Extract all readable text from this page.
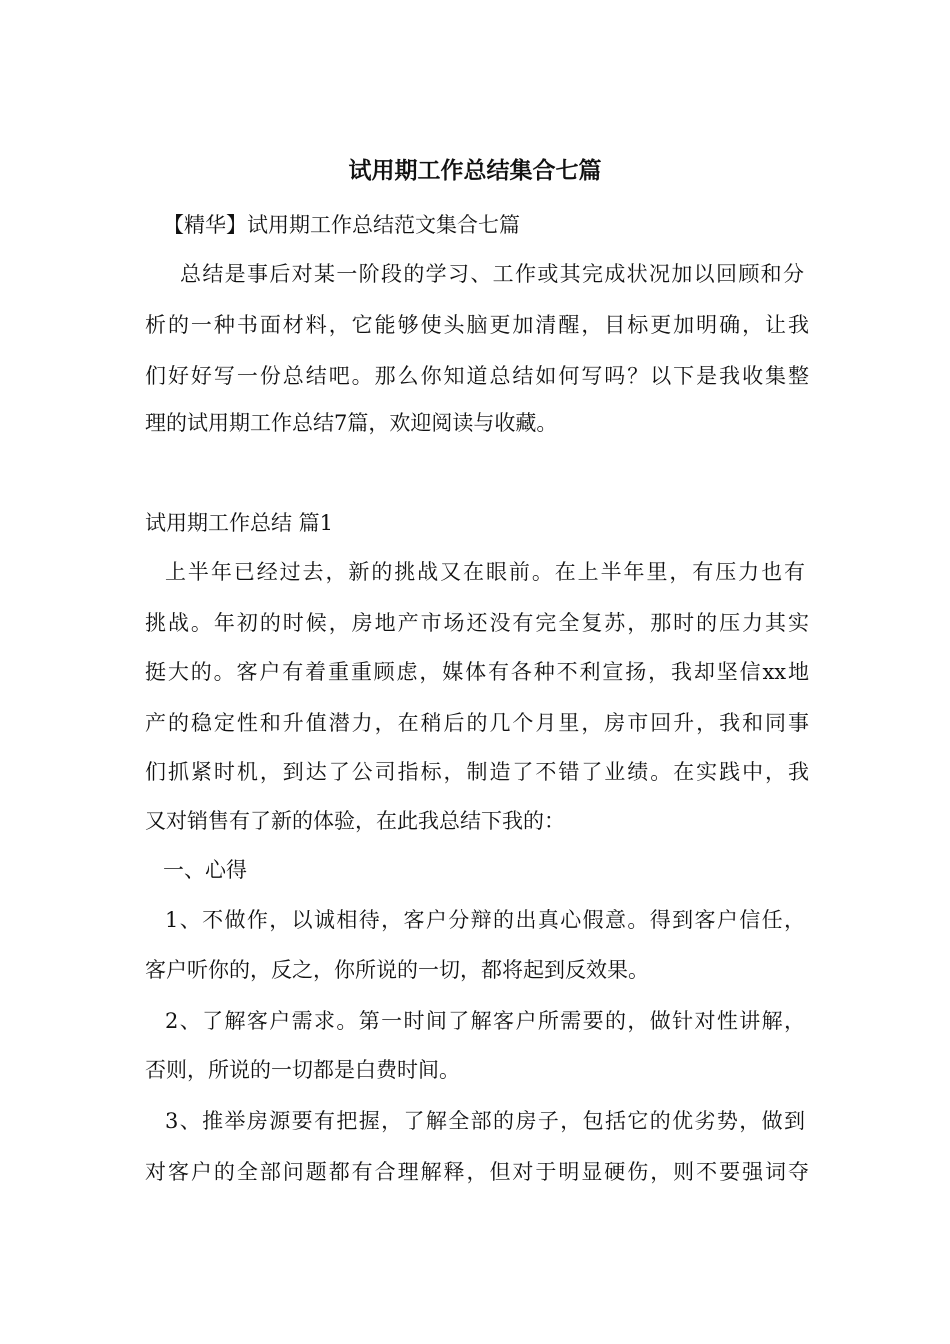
试用期工作总结集合七篇

【精华】试用期工作总结范文集合七篇

总结是事后对某一阶段的学习、工作或其完成状况加以回顾和分

析的一种书面材料，它能够使头脑更加清醒，目标更加明确，让我

们好好写一份总结吧。那么你知道总结如何写吗？以下是我收集整

理的试用期工作总结7篇，欢迎阅读与收藏。

试用期工作总结 篇1

上半年已经过去，新的挑战又在眼前。在上半年里，有压力也有

挑战。年初的时候，房地产市场还没有完全复苏，那时的压力其实

挺大的。客户有着重重顾虑，媒体有各种不利宣扬，我却坚信xx地

产的稳定性和升值潜力，在稍后的几个月里，房市回升，我和同事

们抓紧时机，到达了公司指标，制造了不错了业绩。在实践中，我

又对销售有了新的体验，在此我总结下我的：

一、心得

1、不做作，以诚相待，客户分辩的出真心假意。得到客户信任，

客户听你的，反之，你所说的一切，都将起到反效果。

2、了解客户需求。第一时间了解客户所需要的，做针对性讲解，

否则，所说的一切都是白费时间。

3、推举房源要有把握，了解全部的房子，包括它的优劣势，做到

对客户的全部问题都有合理解释，但对于明显硬伤，则不要强词夺
